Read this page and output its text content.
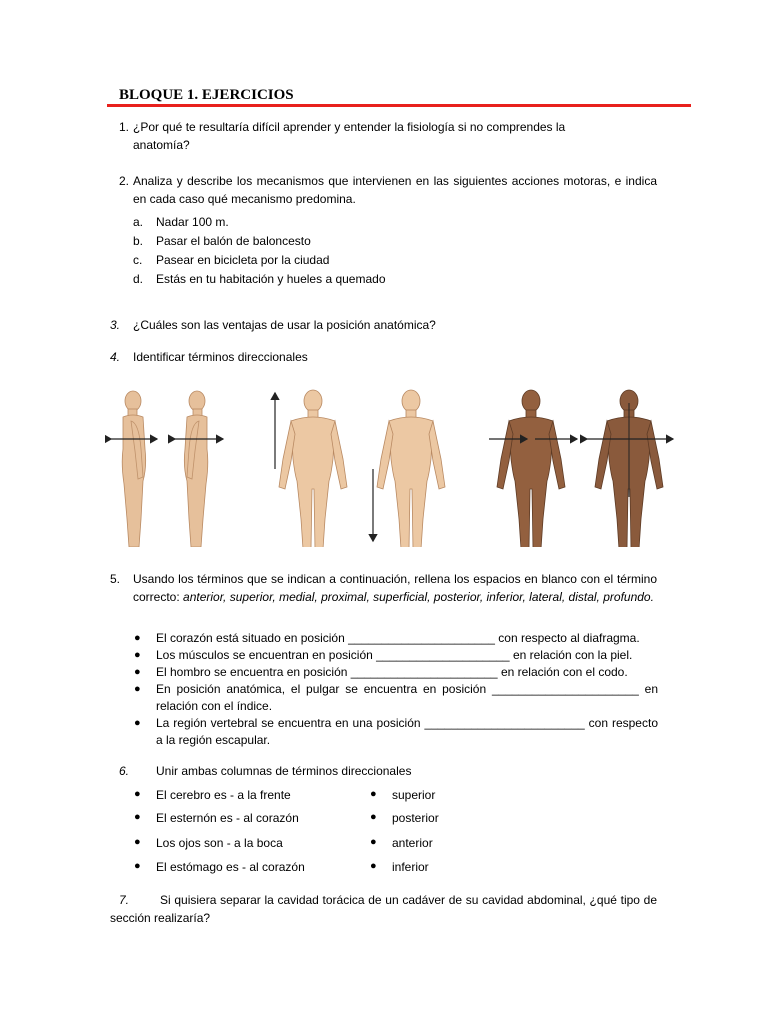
BLOQUE 1. EJERCICIOS
1. ¿Por qué te resultaría difícil aprender y entender la fisiología si no comprendes la anatomía?
2. Analiza y describe los mecanismos que intervienen en las siguientes acciones motoras, e indica en cada caso qué mecanismo predomina.
a. Nadar 100 m.
b. Pasar el balón de baloncesto
c. Pasear en bicicleta por la ciudad
d. Estás en tu habitación y hueles a quemado
3. ¿Cuáles son las ventajas de usar la posición anatómica?
4. Identificar términos direccionales
5. Usando los términos que se indican a continuación, rellena los espacios en blanco con el término correcto: anterior, superior, medial, proximal, superficial, posterior, inferior, lateral, distal, profundo.
● El corazón está situado en posición ______________________ con respecto al diafragma.
● Los músculos se encuentran en posición ____________________ en relación con la piel.
● El hombro se encuentra en posición ______________________ en relación con el codo.
● En posición anatómica, el pulgar se encuentra en posición ______________________ en relación con el índice.
● La región vertebral se encuentra en una posición ________________________ con respecto a la región escapular.
6. Unir ambas columnas de términos direccionales
● El cerebro es - a la frente	● superior
● El esternón es - al corazón	● posterior
● Los ojos son - a la boca	● anterior
● El estómago es - al corazón	● inferior
7.	Si quisiera separar la cavidad torácica de un cadáver de su cavidad abdominal, ¿qué tipo de sección realizaría?
